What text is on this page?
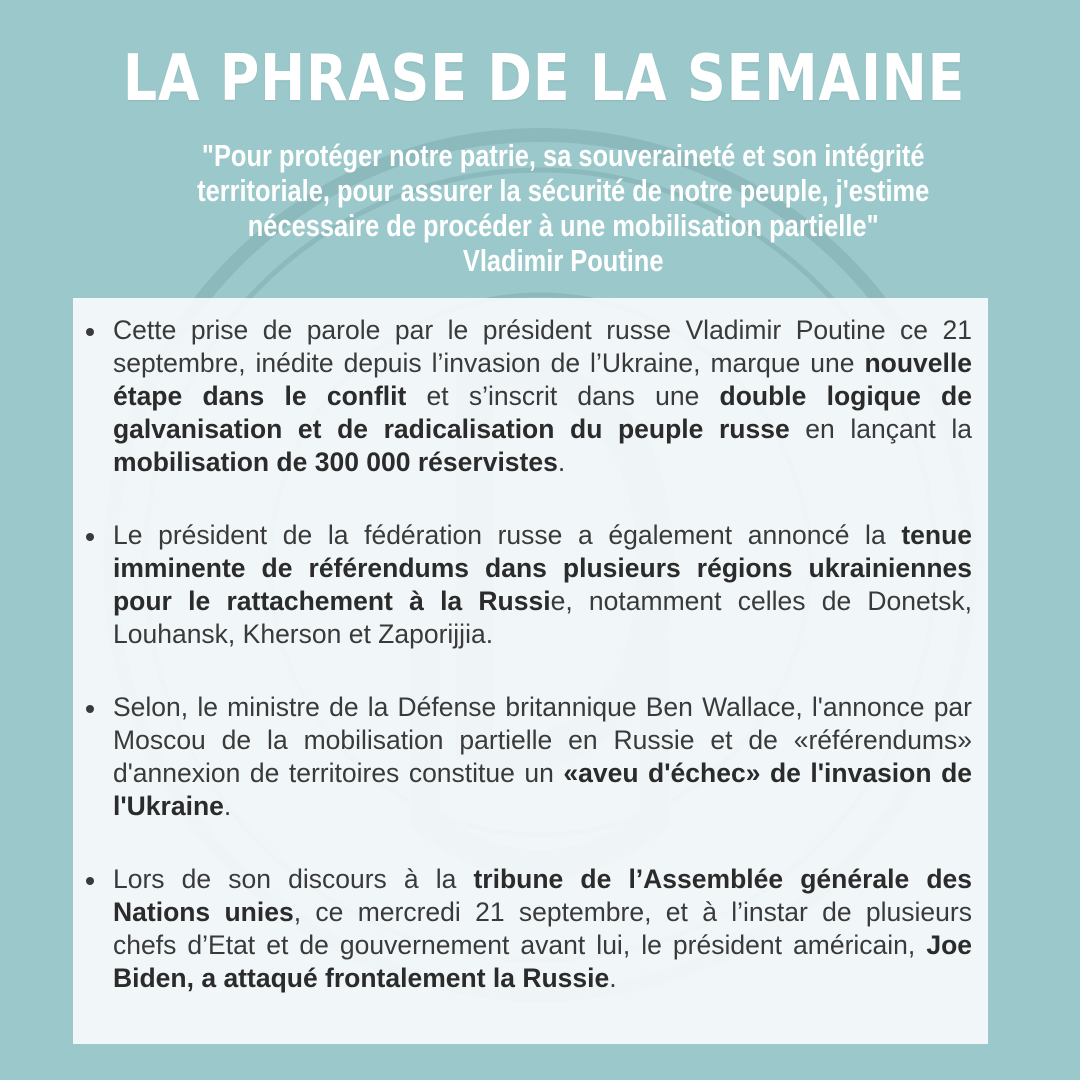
LA PHRASE DE LA SEMAINE
"Pour protéger notre patrie, sa souveraineté et son intégrité territoriale, pour assurer la sécurité de notre peuple, j'estime nécessaire de procéder à une mobilisation partielle"
Vladimir Poutine

Cette prise de parole par le président russe Vladimir Poutine ce 21 septembre, inédite depuis l’invasion de l’Ukraine, marque une nouvelle étape dans le conflit et s’inscrit dans une double logique de galvanisation et de radicalisation du peuple russe en lançant la mobilisation de 300 000 réservistes.

Le président de la fédération russe a également annoncé la tenue imminente de référendums dans plusieurs régions ukrainiennes pour le rattachement à la Russie, notamment celles de Donetsk, Louhansk, Kherson et Zaporijjia.

Selon, le ministre de la Défense britannique Ben Wallace, l'annonce par Moscou de la mobilisation partielle en Russie et de «référendums» d'annexion de territoires constitue un «aveu d'échec» de l'invasion de l'Ukraine.

Lors de son discours à la tribune de l’Assemblée générale des Nations unies, ce mercredi 21 septembre, et à l’instar de plusieurs chefs d’Etat et de gouvernement avant lui, le président américain, Joe Biden, a attaqué frontalement la Russie.
